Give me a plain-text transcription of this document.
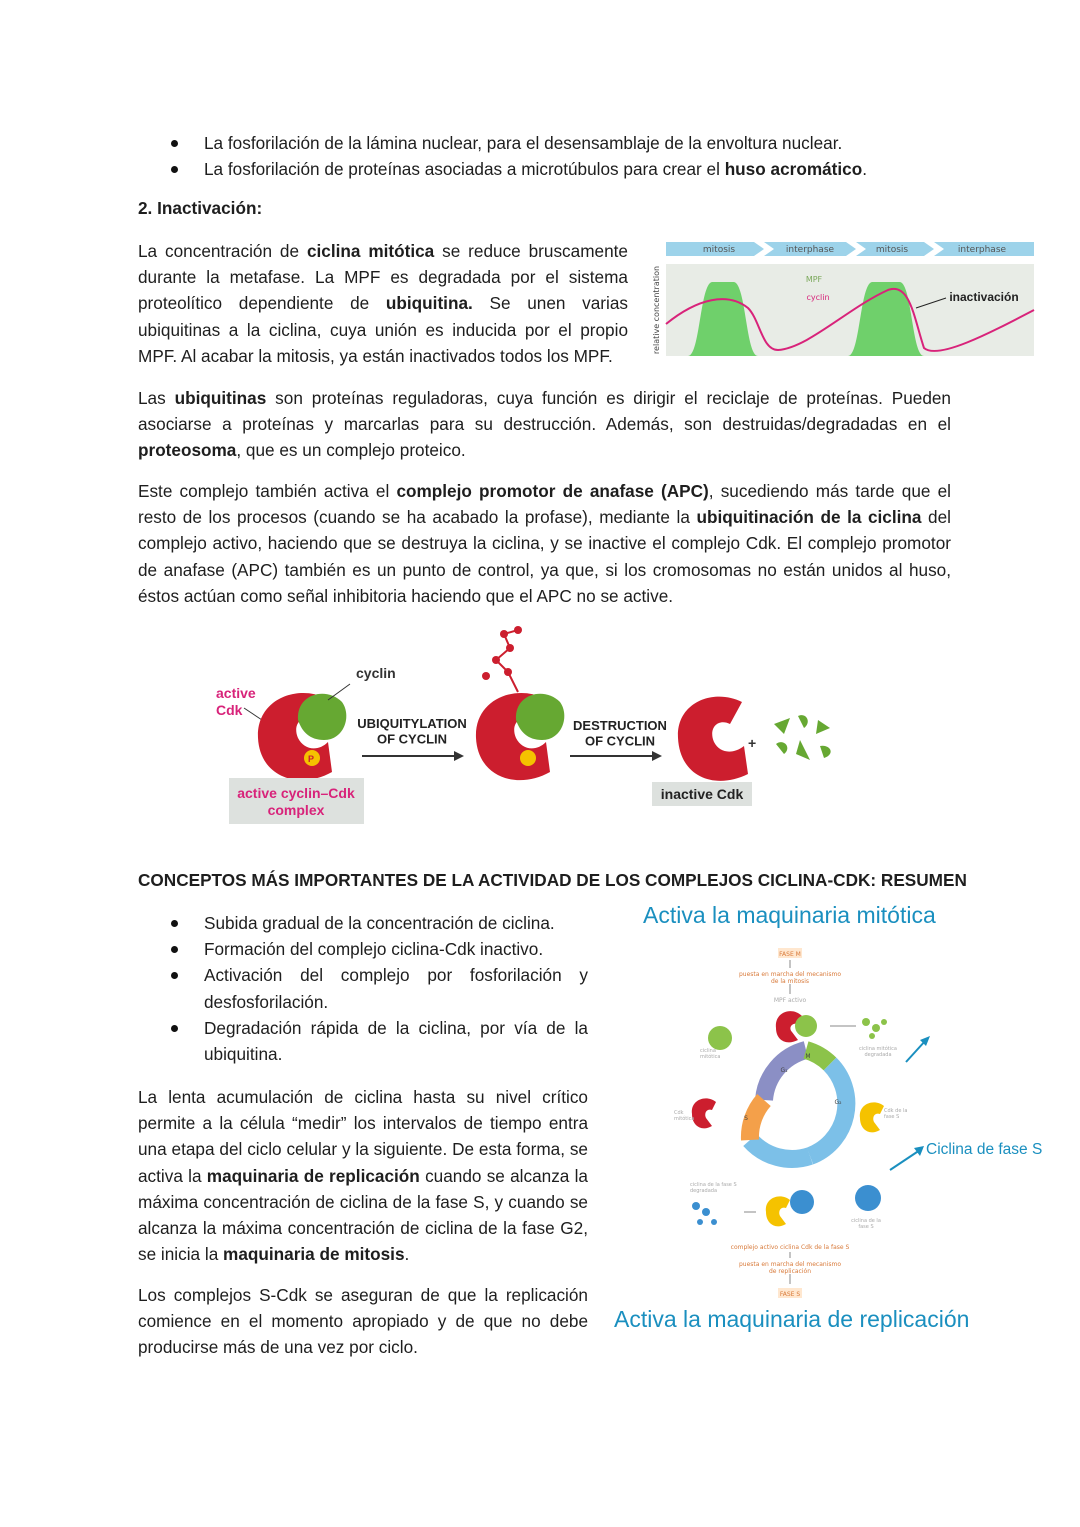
La fosforilación de la lámina nuclear, para el desensamblaje de la envoltura nuclear.
La fosforilación de proteínas asociadas a microtúbulos para crear el huso acromático.
2. Inactivación:

La concentración de ciclina mitótica se reduce bruscamente durante la metafase. La MPF es degradada por el sistema proteolítico dependiente de ubiquitina. Se unen varias ubiquitinas a la ciclina, cuya unión es inducida por el propio MPF. Al acabar la mitosis, ya están inactivados todos los MPF.

mitosis	interphase	mitosis	interphase
MPF
cyclin	inactivación
relative concentration

Las ubiquitinas son proteínas reguladoras, cuya función es dirigir el reciclaje de proteínas. Pueden asociarse a proteínas y marcarlas para su destrucción. Además, son destruidas/degradadas en el proteosoma, que es un complejo proteico.

Este complejo también activa el complejo promotor de anafase (APC), sucediendo más tarde que el resto de los procesos (cuando se ha acabado la profase), mediante la ubiquitinación de la ciclina del complejo activo, haciendo que se destruya la ciclina, y se inactive el complejo Cdk. El complejo promotor de anafase (APC) también es un punto de control, ya que, si los cromosomas no están unidos al huso, éstos actúan como señal inhibitoria haciendo que el APC no se active.

active Cdk
P
cyclin
UBIQUITYLATION OF CYCLIN
DESTRUCTION OF CYCLIN	+
active cyclin–Cdk complex
inactive Cdk
CONCEPTOS MÁS IMPORTANTES DE LA ACTIVIDAD DE LOS COMPLEJOS CICLINA-CDK: RESUMEN
Subida gradual de la concentración de ciclina.
Formación del complejo ciclina-Cdk inactivo.
Activación del complejo por fosforilación y desfosforilación.
Degradación rápida de la ciclina, por vía de la ubiquitina.

La lenta acumulación de ciclina hasta su nivel crítico permite a la célula “medir” los intervalos de tiempo entra una etapa del ciclo celular y la siguiente. De esta forma, se activa la maquinaria de replicación cuando se alcanza la máxima concentración de ciclina de la fase S, y cuando se alcanza la máxima concentración de ciclina de la fase G2, se inicia la maquinaria de mitosis.

Los complejos S-Cdk se aseguran de que la replicación comience en el momento apropiado y de que no debe producirse más de una vez por ciclo.

Activa la maquinaria mitótica
Activa la maquinaria de replicación
Ciclina de fase S
FASE M
puesta en marcha del mecanismo de la mitosis
MPF activo
FASE S
puesta en marcha del mecanismo de replicación
complejo activo ciclina Cdk de la fase S
G₁
M
G₂
S
ciclina mitótica
ciclina mitótica degradada
Cdk mitótica
Cdk de la fase S
ciclina de la fase S
ciclina de la fase S degradada
